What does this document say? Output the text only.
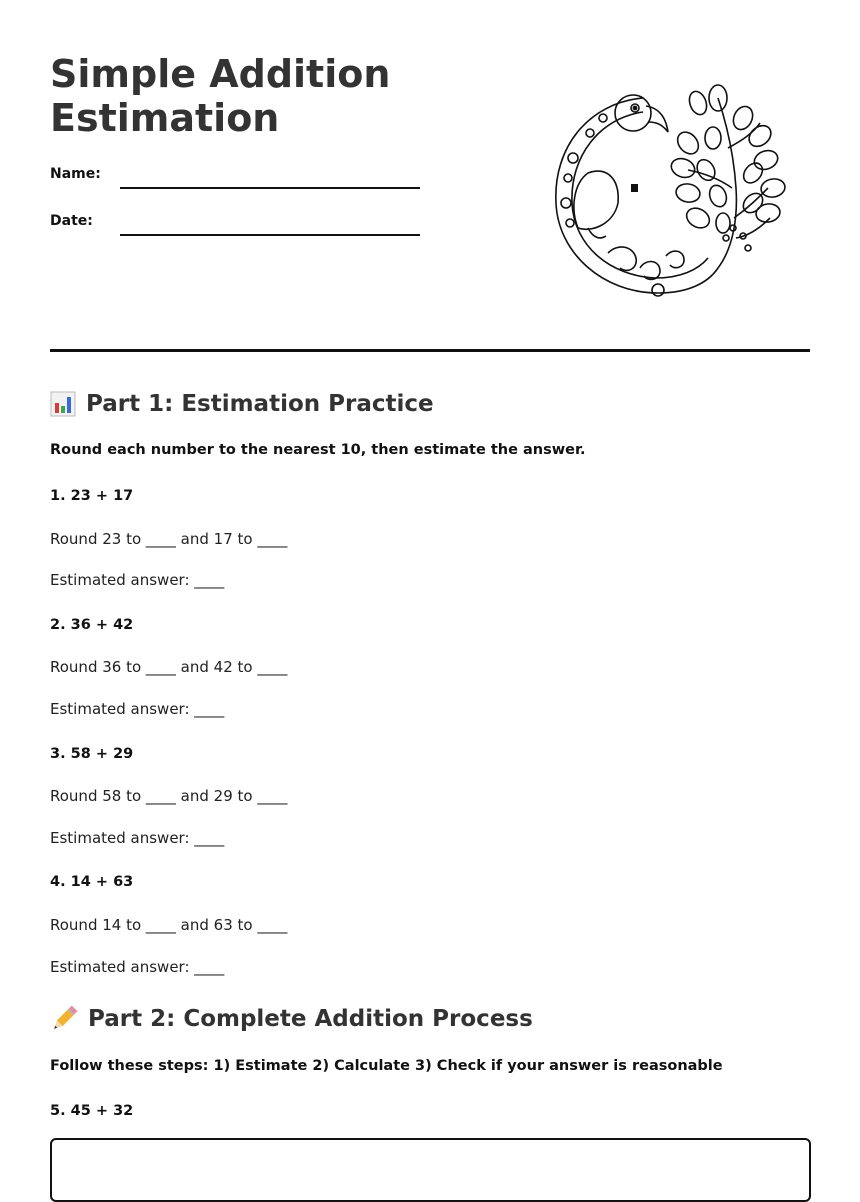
Simple Addition Estimation
Name:
Date:
Part 1: Estimation Practice
Round each number to the nearest 10, then estimate the answer.
1. 23 + 17
Round 23 to ____ and 17 to ____
Estimated answer: ____
2. 36 + 42
Round 36 to ____ and 42 to ____
Estimated answer: ____
3. 58 + 29
Round 58 to ____ and 29 to ____
Estimated answer: ____
4. 14 + 63
Round 14 to ____ and 63 to ____
Estimated answer: ____
Part 2: Complete Addition Process
Follow these steps: 1) Estimate 2) Calculate 3) Check if your answer is reasonable
5. 45 + 32
